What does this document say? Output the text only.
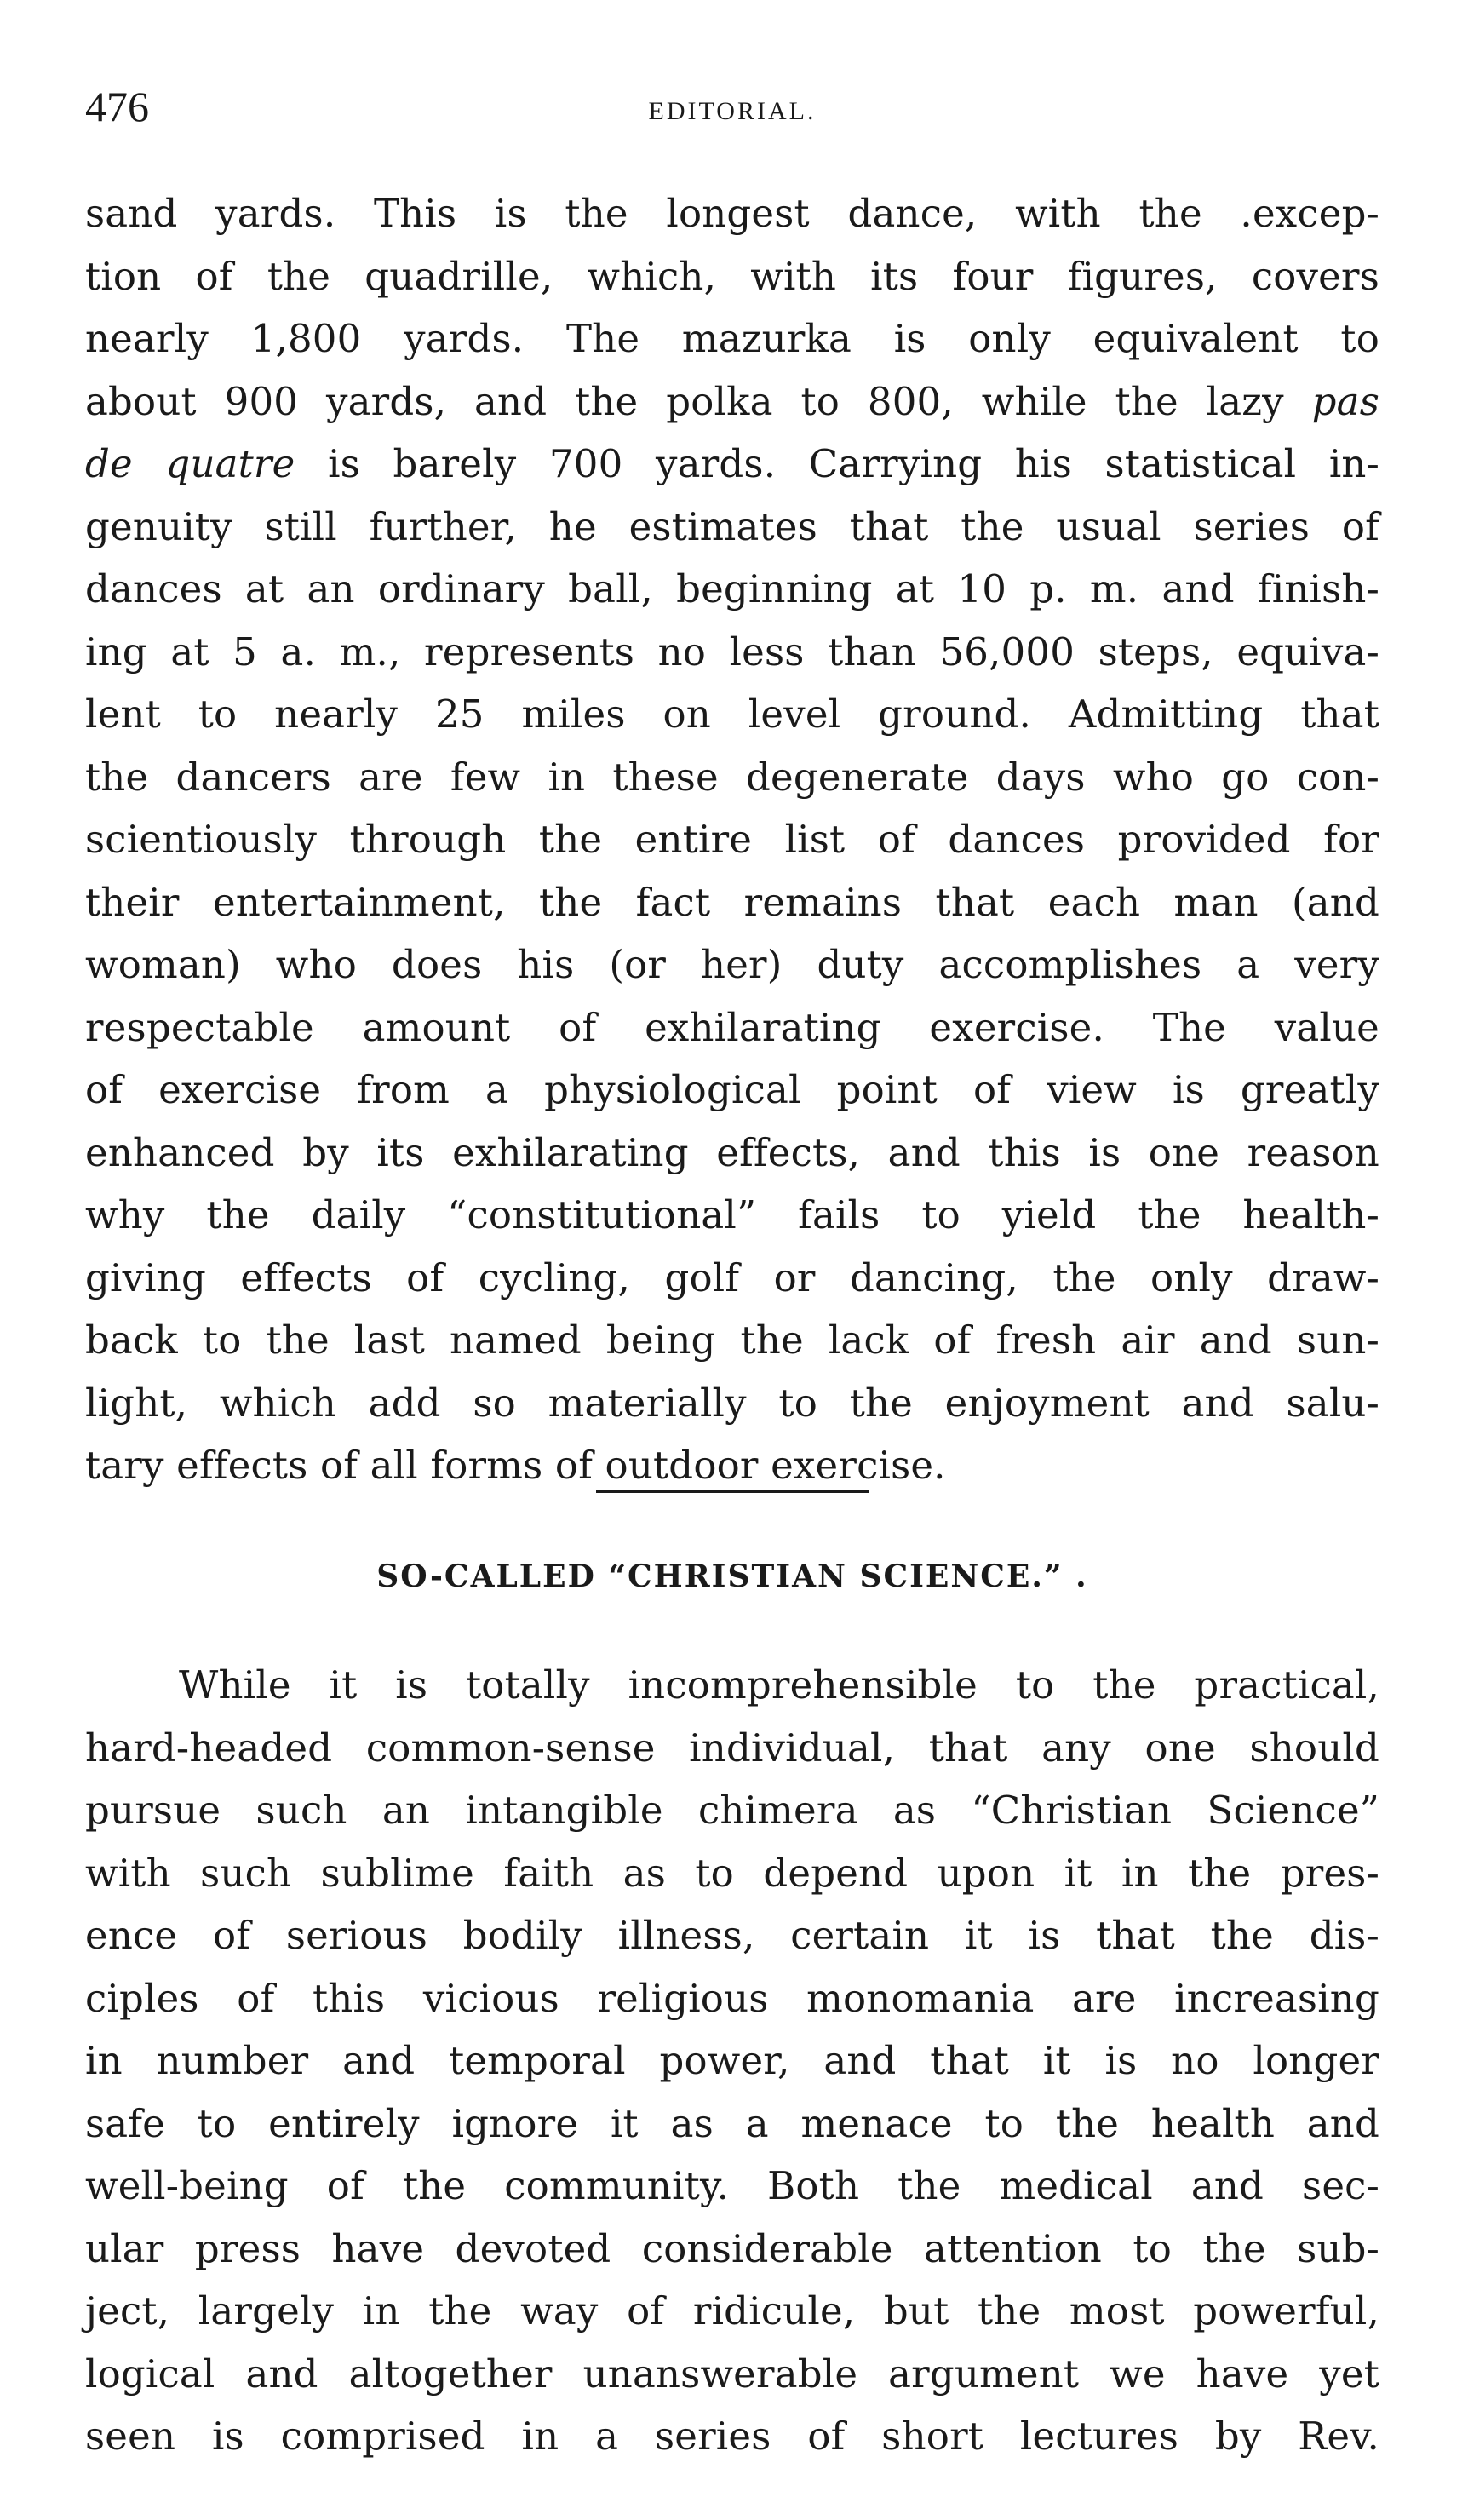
476	EDITORIAL.
sand yards. This is the longest dance, with the .excep-
tion of the quadrille, which, with its four figures, covers
nearly 1,800 yards. The mazurka is only equivalent to
about 900 yards, and the polka to 800, while the lazy pas
de quatre is barely 700 yards. Carrying his statistical in-
genuity still further, he estimates that the usual series of
dances at an ordinary ball, beginning at 10 p. m. and finish-
ing at 5 a. m., represents no less than 56,000 steps, equiva-
lent to nearly 25 miles on level ground. Admitting that
the dancers are few in these degenerate days who go con-
scientiously through the entire list of dances provided for
their entertainment, the fact remains that each man (and
woman) who does his (or her) duty accomplishes a very
respectable amount of exhilarating exercise. The value
of exercise from a physiological point of view is greatly
enhanced by its exhilarating effects, and this is one reason
why the daily “constitutional” fails to yield the health-
giving effects of cycling, golf or dancing, the only draw-
back to the last named being the lack of fresh air and sun-
light, which add so materially to the enjoyment and salu-
tary effects of all forms of outdoor exercise.
SO-CALLED “CHRISTIAN SCIENCE.” .
While it is totally incomprehensible to the practical,
hard-headed common-sense individual, that any one should
pursue such an intangible chimera as “Christian Science”
with such sublime faith as to depend upon it in the pres-
ence of serious bodily illness, certain it is that the dis-
ciples of this vicious religious monomania are increasing
in number and temporal power, and that it is no longer
safe to entirely ignore it as a menace to the health and
well-being of the community. Both the medical and sec-
ular press have devoted considerable attention to the sub-
ject, largely in the way of ridicule, but the most powerful,
logical and altogether unanswerable argument we have yet
seen is comprised in a series of short lectures by Rev.
